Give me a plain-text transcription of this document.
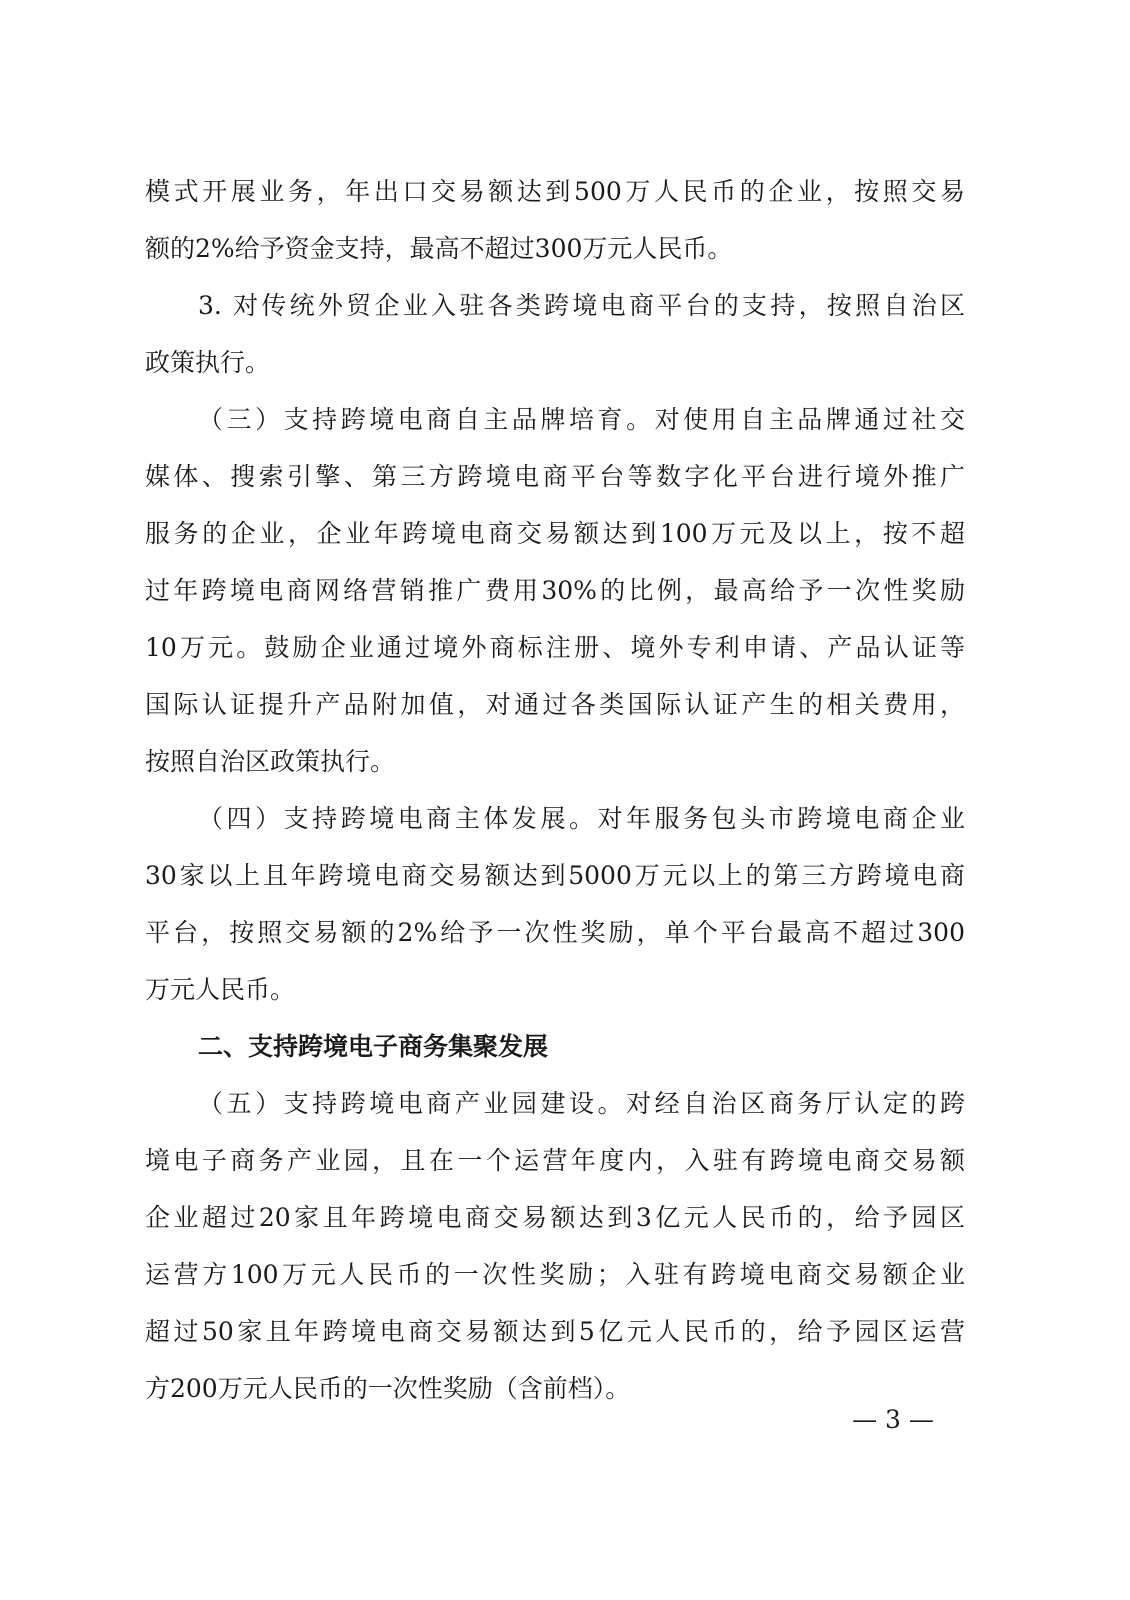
模式开展业务，年出口交易额达到500万人民币的企业，按照交易
额的2%给予资金支持，最高不超过300万元人民币。
3. 对传统外贸企业入驻各类跨境电商平台的支持，按照自治区
政策执行。
（三）支持跨境电商自主品牌培育。对使用自主品牌通过社交
媒体、搜索引擎、第三方跨境电商平台等数字化平台进行境外推广
服务的企业，企业年跨境电商交易额达到100万元及以上，按不超
过年跨境电商网络营销推广费用30%的比例，最高给予一次性奖励
10万元。鼓励企业通过境外商标注册、境外专利申请、产品认证等
国际认证提升产品附加值，对通过各类国际认证产生的相关费用，
按照自治区政策执行。
（四）支持跨境电商主体发展。对年服务包头市跨境电商企业
30家以上且年跨境电商交易额达到5000万元以上的第三方跨境电商
平台，按照交易额的2%给予一次性奖励，单个平台最高不超过300
万元人民币。
二、支持跨境电子商务集聚发展
（五）支持跨境电商产业园建设。对经自治区商务厅认定的跨
境电子商务产业园，且在一个运营年度内，入驻有跨境电商交易额
企业超过20家且年跨境电商交易额达到3亿元人民币的，给予园区
运营方100万元人民币的一次性奖励；入驻有跨境电商交易额企业
超过50家且年跨境电商交易额达到5亿元人民币的，给予园区运营
方200万元人民币的一次性奖励（含前档）。
— 3 —
